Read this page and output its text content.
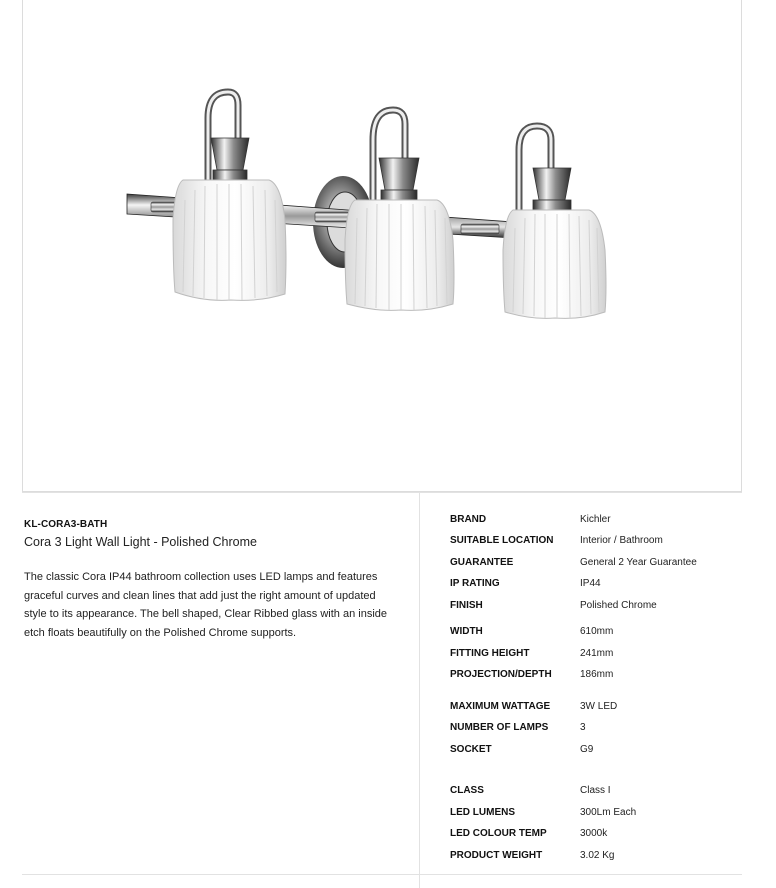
KL-CORA3-BATH
Cora 3 Light Wall Light - Polished Chrome
The classic Cora IP44 bathroom collection uses LED lamps and features graceful curves and clean lines that add just the right amount of updated style to its appearance. The bell shaped, Clear Ribbed glass with an inside etch floats beautifully on the Polished Chrome supports.
BRAND	Kichler
SUITABLE LOCATION	Interior / Bathroom
GUARANTEE	General 2 Year Guarantee
IP RATING	IP44
FINISH	Polished Chrome
WIDTH	610mm
FITTING HEIGHT	241mm
PROJECTION/DEPTH	186mm
MAXIMUM WATTAGE	3W LED
NUMBER OF LAMPS	3
SOCKET	G9
CLASS	Class I
LED LUMENS	300Lm Each
LED COLOUR TEMP	3000k
PRODUCT WEIGHT	3.02 Kg
